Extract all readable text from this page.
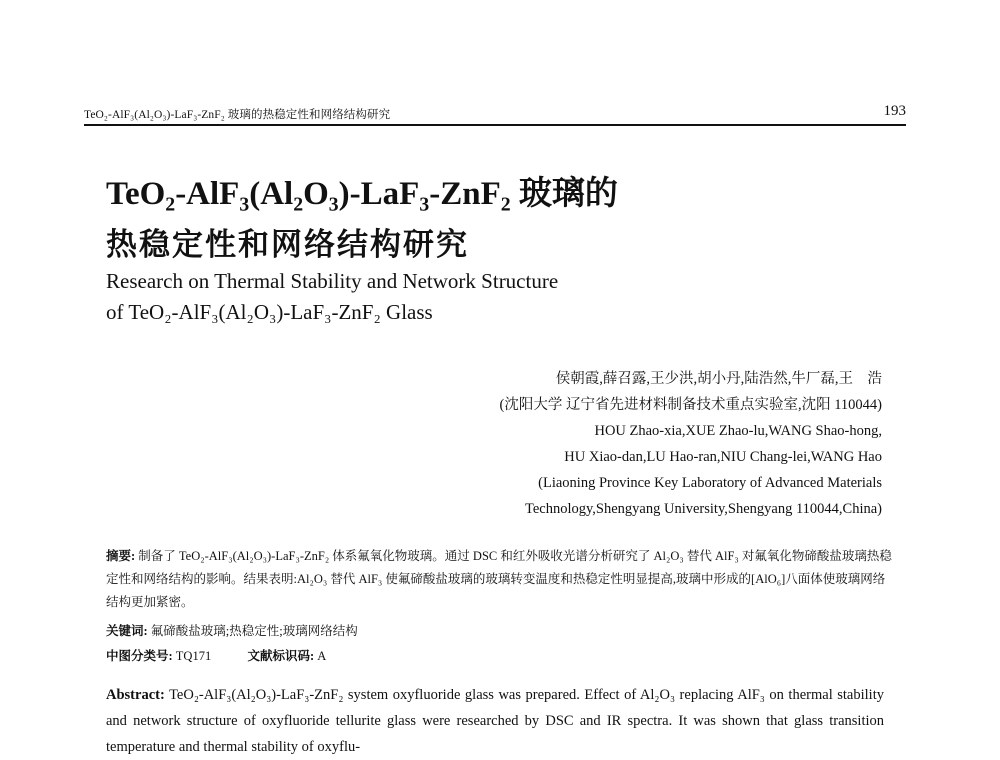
TeO₂-AlF₃(Al₂O₃)-LaF₃-ZnF₂ 玻璃的热稳定性和网络结构研究	193
TeO₂-AlF₃(Al₂O₃)-LaF₃-ZnF₂ 玻璃的
热稳定性和网络结构研究
Research on Thermal Stability and Network Structure
of TeO₂-AlF₃(Al₂O₃)-LaF₃-ZnF₂ Glass
侯朝霞,薛召露,王少洪,胡小丹,陆浩然,牛厂磊,王　浩
(沈阳大学 辽宁省先进材料制备技术重点实验室,沈阳 110044)
HOU Zhao-xia,XUE Zhao-lu,WANG Shao-hong,
HU Xiao-dan,LU Hao-ran,NIU Chang-lei,WANG Hao
(Liaoning Province Key Laboratory of Advanced Materials
Technology,Shengyang University,Shengyang 110044,China)
摘要: 制备了 TeO₂-AlF₃(Al₂O₃)-LaF₃-ZnF₂ 体系氟氧化物玻璃。通过 DSC 和红外吸收光谱分析研究了 Al₂O₃ 替代 AlF₃ 对氟氧化物碲酸盐玻璃热稳定性和网络结构的影响。结果表明:Al₂O₃ 替代 AlF₃ 使氟碲酸盐玻璃的玻璃转变温度和热稳定性明显提高,玻璃中形成的[AlO₆]八面体使玻璃网络结构更加紧密。
关键词: 氟碲酸盐玻璃;热稳定性;玻璃网络结构
中图分类号: TQ171	文献标识码: A
Abstract: TeO₂-AlF₃(Al₂O₃)-LaF₃-ZnF₂ system oxyfluoride glass was prepared. Effect of Al₂O₃ replacing AlF₃ on thermal stability and network structure of oxyfluoride tellurite glass were researched by DSC and IR spectra. It was shown that glass transition temperature and thermal stability of oxyflu-
